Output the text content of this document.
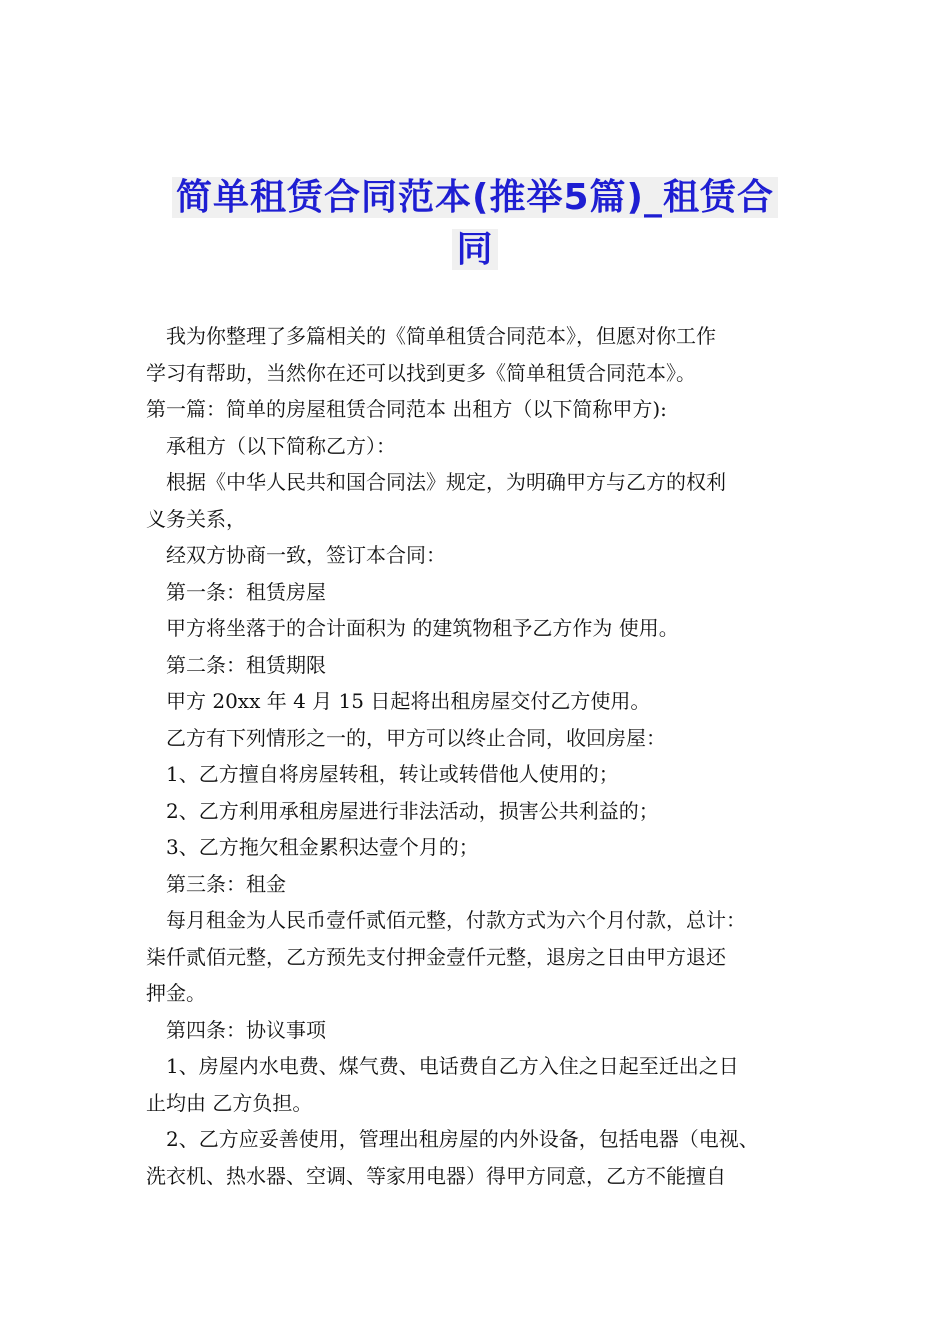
简单租赁合同范本(推举5篇)_租赁合
同

我为你整理了多篇相关的《简单租赁合同范本》，但愿对你工作

学习有帮助，当然你在还可以找到更多《简单租赁合同范本》。

第一篇：简单的房屋租赁合同范本 出租方（以下简称甲方):

承租方（以下简称乙方）：

根据《中华人民共和国合同法》规定，为明确甲方与乙方的权利

义务关系，

经双方协商一致，签订本合同：

第一条：租赁房屋

甲方将坐落于的合计面积为 的建筑物租予乙方作为 使用。

第二条：租赁期限

甲方 20xx 年 4 月 15 日起将出租房屋交付乙方使用。

乙方有下列情形之一的，甲方可以终止合同，收回房屋：

1、乙方擅自将房屋转租，转让或转借他人使用的；

2、乙方利用承租房屋进行非法活动，损害公共利益的；

3、乙方拖欠租金累积达壹个月的；

第三条：租金

每月租金为人民币壹仟贰佰元整，付款方式为六个月付款，总计：

柒仟贰佰元整，乙方预先支付押金壹仟元整，退房之日由甲方退还

押金。

第四条：协议事项

1、房屋内水电费、煤气费、电话费自乙方入住之日起至迁出之日

止均由 乙方负担。

2、乙方应妥善使用，管理出租房屋的内外设备，包括电器（电视、

洗衣机、热水器、空调、等家用电器）得甲方同意，乙方不能擅自
